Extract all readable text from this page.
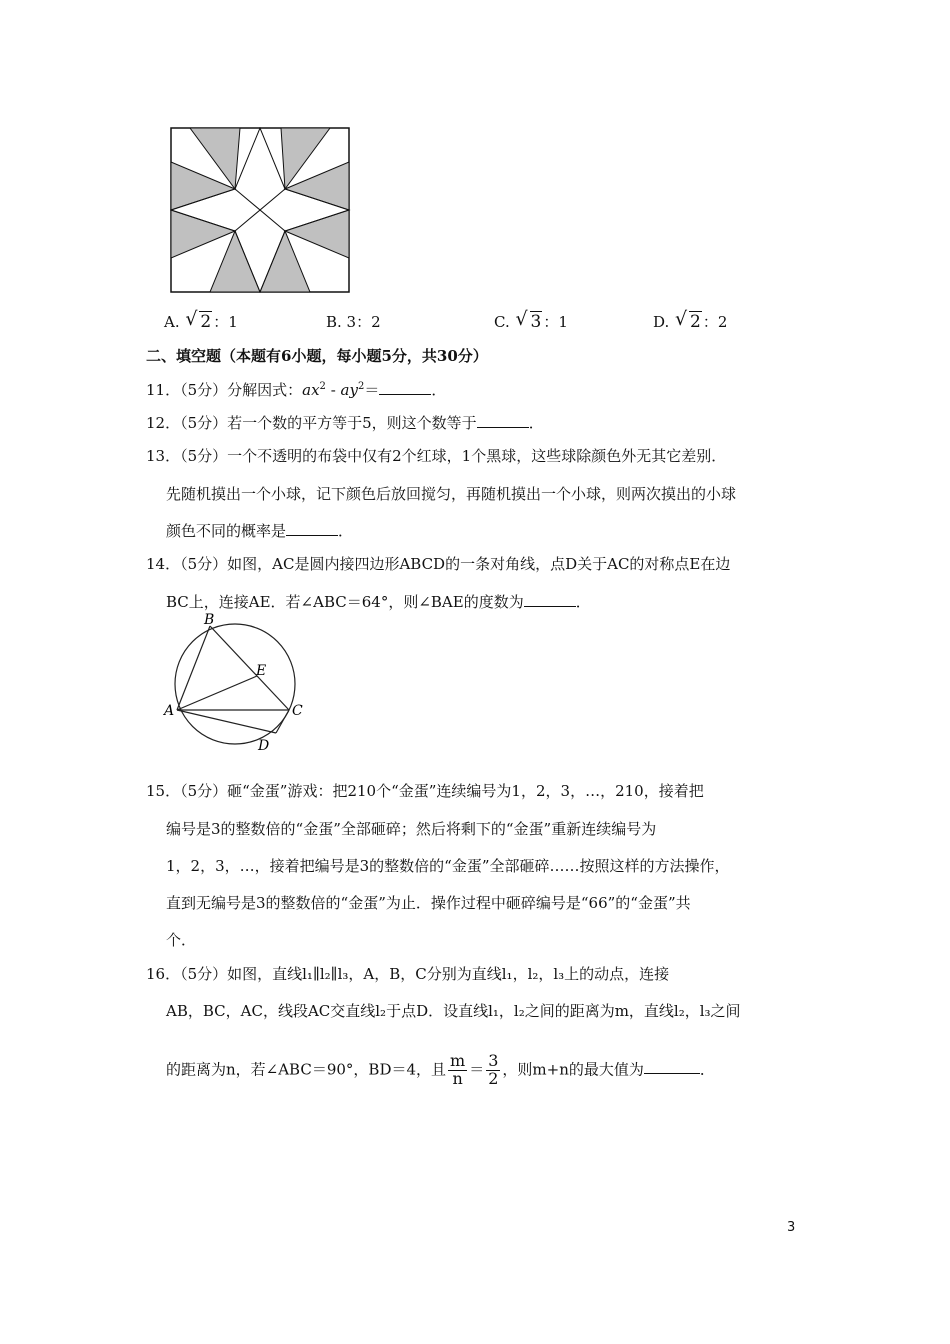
A. √ 2 ：1	B. 3：2	C. √ 3 ：1	D. √ 2 ：2
二、填空题（本题有6小题，每小题5分，共30分）
11．（5分）分解因式：$ax^2 - ay^2=$	．
12．（5分）若一个数的平方等于5，则这个数等于	．
13．（5分）一个不透明的布袋中仅有2个红球，1个黑球，这些球除颜色外无其它差别．
先随机摸出一个小球，记下颜色后放回搅匀，再随机摸出一个小球，则两次摸出的小球
颜色不同的概率是	．
14．（5分）如图，AC是圆内接四边形ABCD的一条对角线，点D关于AC的对称点E在边
BC上，连接AE．若∠ABC＝64°，则∠BAE的度数为	．
B
E
A	C
D
15．（5分）砸“金蛋”游戏：把210个“金蛋”连续编号为1，2，3，…，210，接着把
编号是3的整数倍的“金蛋”全部砸碎；然后将剩下的“金蛋”重新连续编号为
1，2，3，…，接着把编号是3的整数倍的“金蛋”全部砸碎……按照这样的方法操作，
直到无编号是3的整数倍的“金蛋”为止．操作过程中砸碎编号是“66”的“金蛋”共
个．
16．（5分）如图，直线l₁∥l₂∥l₃，A，B，C分别为直线l₁，l₂，l₃上的动点，连接
AB，BC，AC，线段AC交直线l₂于点D．设直线l₁，l₂之间的距离为m，直线l₂，l₃之间
的距离为n，若∠ABC＝90°，BD＝4，且 $\frac{m}{n} = \frac{3}{2}$ ，则m+n的最大值为	．
3
